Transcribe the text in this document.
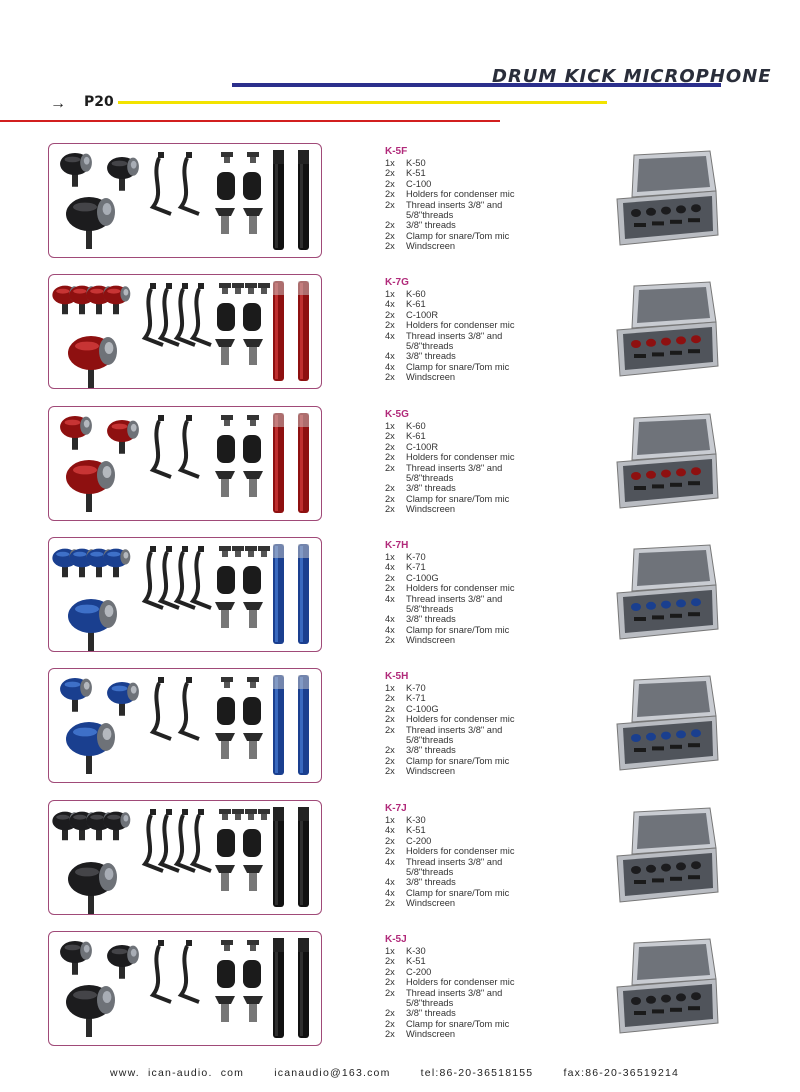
DRUM KICK MICROPHONE
→ P20
K-5F
1x	K-50
2x	K-51
2x	C-100
2x	Holders for condenser mic
2x	Thread inserts 3/8" and
5/8"threads
2x	3/8" threads
2x	Clamp for snare/Tom mic
2x	Windscreen
K-7G
1x	K-60
4x	K-61
2x	C-100R
2x	Holders for condenser mic
4x	Thread inserts 3/8" and
5/8"threads
4x	3/8" threads
4x	Clamp for snare/Tom mic
2x	Windscreen
K-5G
1x	K-60
2x	K-61
2x	C-100R
2x	Holders for condenser mic
2x	Thread inserts 3/8" and
5/8"threads
2x	3/8" threads
2x	Clamp for snare/Tom mic
2x	Windscreen
K-7H
1x	K-70
4x	K-71
2x	C-100G
2x	Holders for condenser mic
4x	Thread inserts 3/8" and
5/8"threads
4x	3/8" threads
4x	Clamp for snare/Tom mic
2x	Windscreen
K-5H
1x	K-70
2x	K-71
2x	C-100G
2x	Holders for condenser mic
2x	Thread inserts 3/8" and
5/8"threads
2x	3/8" threads
2x	Clamp for snare/Tom mic
2x	Windscreen
K-7J
1x	K-30
4x	K-51
2x	C-200
2x	Holders for condenser mic
4x	Thread inserts 3/8" and
5/8"threads
4x	3/8" threads
4x	Clamp for snare/Tom mic
2x	Windscreen
K-5J
1x	K-30
2x	K-51
2x	C-200
2x	Holders for condenser mic
2x	Thread inserts 3/8" and
5/8"threads
2x	3/8" threads
2x	Clamp for snare/Tom mic
2x	Windscreen
www. ican-audio. com	icanaudio@163.com	tel:86-20-36518155	fax:86-20-36519214
